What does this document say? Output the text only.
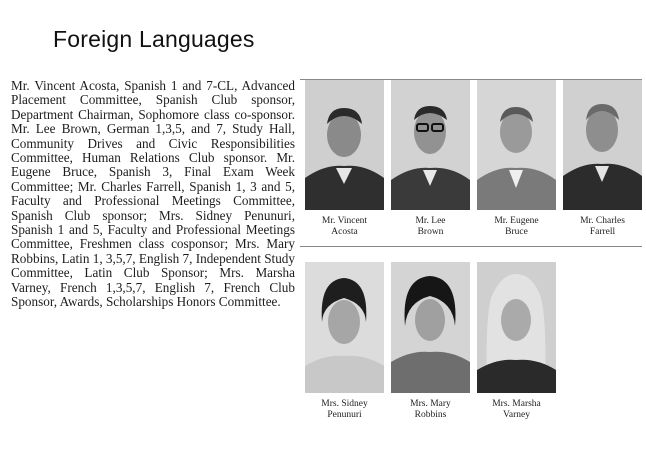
Foreign Languages
Mr. Vincent Acosta, Spanish 1 and 7-CL, Advanced Placement Committee, Spanish Club sponsor, Department Chairman, Sophomore class co-sponsor. Mr. Lee Brown, German 1,3,5, and 7, Study Hall, Community Drives and Civic Responsibilities Committee, Human Relations Club sponsor. Mr. Eugene Bruce, Spanish 3, Final Exam Week Committee; Mr. Charles Farrell, Spanish 1, 3 and 5, Faculty and Professional Meetings Committee, Spanish Club sponsor; Mrs. Sidney Penunuri, Spanish 1 and 5, Faculty and Professional Meetings Committee, Freshmen class cosponsor; Mrs. Mary Robbins, Latin 1, 3,5,7, English 7, Independent Study Committee, Latin Club Sponsor; Mrs. Marsha Varney, French 1,3,5,7, English 7, French Club Sponsor, Awards, Scholarships Honors Committee.
Mr. Vincent
Acosta
Mr. Lee
Brown
Mr. Eugene
Bruce
Mr. Charles
Farrell
Mrs. Sidney
Penunuri
Mrs. Mary
Robbins
Mrs. Marsha
Varney
